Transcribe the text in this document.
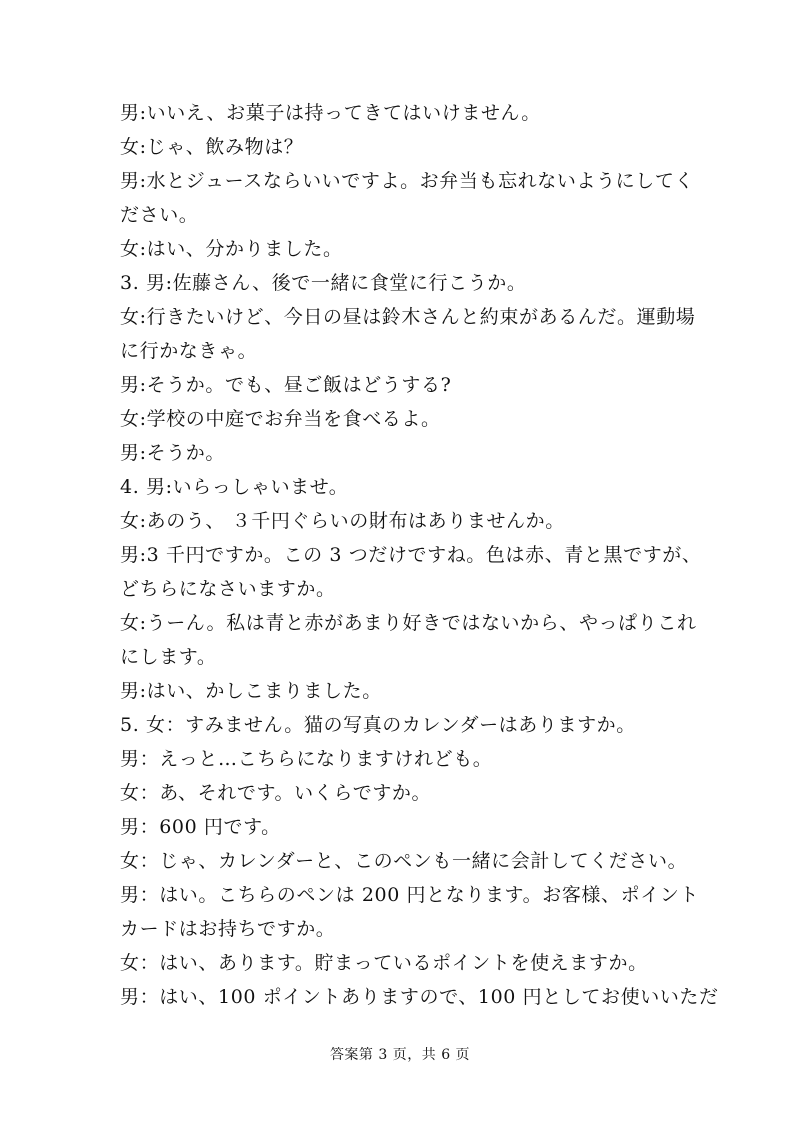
男:いいえ、お菓子は持ってきてはいけません。
女:じゃ、飲み物は？
男:水とジュースならいいですよ。お弁当も忘れないようにしてく
ださい。
女:はい、分かりました。
3. 男:佐藤さん、後で一緒に食堂に行こうか。
女:行きたいけど、今日の昼は鈴木さんと約束があるんだ。運動場
に行かなきゃ。
男:そうか。でも、昼ご飯はどうする?
女:学校の中庭でお弁当を食べるよ。
男:そうか。
4. 男:いらっしゃいませ。
女:あのう、 ３千円ぐらいの財布はありませんか。
男:3 千円ですか。この 3 つだけですね。色は赤、青と黒ですが、
どちらになさいますか。
女:うーん。私は青と赤があまり好きではないから、やっぱりこれ
にします。
男:はい、かしこまりました。
5. 女：すみません。猫の写真のカレンダーはありますか。
男：えっと…こちらになりますけれども。
女：あ、それです。いくらですか。
男：600 円です。
女：じゃ、カレンダーと、このペンも一緒に会計してください。
男：はい。こちらのペンは 200 円となります。お客様、ポイント
カードはお持ちですか。
女：はい、あります。貯まっているポイントを使えますか。
男：はい、100 ポイントありますので、100 円としてお使いいただ
答案第 3 页，共 6 页
